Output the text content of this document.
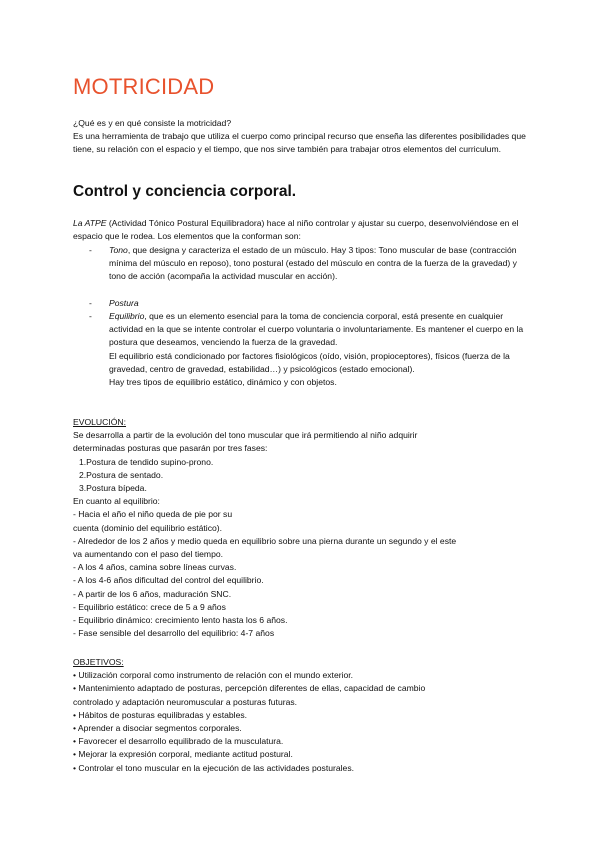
MOTRICIDAD
¿Qué es y en qué consiste la motricidad?
Es una herramienta de trabajo que utiliza el cuerpo como principal recurso que enseña las diferentes posibilidades que tiene, su relación con el espacio y el tiempo, que nos sirve también para trabajar otros elementos del curriculum.
Control y conciencia corporal.
La ATPE (Actividad Tónico Postural Equilibradora) hace al niño controlar y ajustar su cuerpo, desenvolviéndose en el espacio que le rodea. Los elementos que la conforman son:
- Tono, que designa y caracteriza el estado de un músculo. Hay 3 tipos: Tono muscular de base (contracción mínima del músculo en reposo), tono postural (estado del músculo en contra de la fuerza de la gravedad) y tono de acción (acompaña la actividad muscular en acción).
- Postura
- Equilibrio, que es un elemento esencial para la toma de conciencia corporal, está presente en cualquier actividad en la que se intente controlar el cuerpo voluntaria o involuntariamente. Es mantener el cuerpo en la postura que deseamos, venciendo la fuerza de la gravedad.
El equilibrio está condicionado por factores fisiológicos (oído, visión, propioceptores), físicos (fuerza de la gravedad, centro de gravedad, estabilidad…) y psicológicos (estado emocional).
Hay tres tipos de equilibrio estático, dinámico y con objetos.
EVOLUCIÓN:
Se desarrolla a partir de la evolución del tono muscular que irá permitiendo al niño adquirir
determinadas posturas que pasarán por tres fases:
1.Postura de tendido supino-prono.
2.Postura de sentado.
3.Postura bípeda.
En cuanto al equilibrio:
- Hacia el año el niño queda de pie por su
cuenta (dominio del equilibrio estático).
- Alrededor de los 2 años y medio queda en equilibrio sobre una pierna durante un segundo y el este
va aumentando con el paso del tiempo.
- A los 4 años, camina sobre líneas curvas.
- A los 4-6 años dificultad del control del equilibrio.
- A partir de los 6 años, maduración SNC.
- Equilibrio estático: crece de 5 a 9 años
- Equilibrio dinámico: crecimiento lento hasta los 6 años.
- Fase sensible del desarrollo del equilibrio: 4-7 años
OBJETIVOS:
• Utilización corporal como instrumento de relación con el mundo exterior.
• Mantenimiento adaptado de posturas, percepción diferentes de ellas, capacidad de cambio
controlado y adaptación neuromuscular a posturas futuras.
• Hábitos de posturas equilibradas y estables.
• Aprender a disociar segmentos corporales.
• Favorecer el desarrollo equilibrado de la musculatura.
• Mejorar la expresión corporal, mediante actitud postural.
• Controlar el tono muscular en la ejecución de las actividades posturales.
